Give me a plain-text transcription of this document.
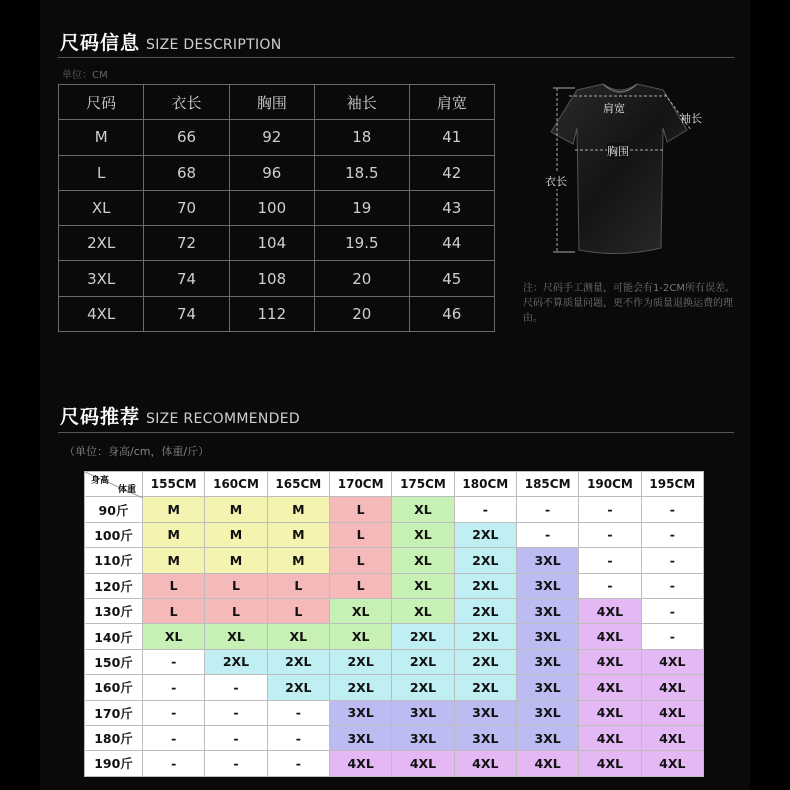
尺码信息 SIZE DESCRIPTION
单位：CM
尺码	衣长	胸围	袖长	肩宽
M	66	92	18	41
L	68	96	18.5	42
XL	70	100	19	43
2XL	72	104	19.5	44
3XL	74	108	20	45
4XL	74	112	20	46
肩宽
袖长
胸围
衣长
注：尺码手工测量，可能会有1-2CM所有误差。尺码不算质量问题，更不作为质量退换运费的理由。
尺码推荐 SIZE RECOMMENDED
（单位：身高/cm，体重/斤）
身高
体重	155CM	160CM	165CM	170CM	175CM	180CM	185CM	190CM	195CM
90斤	M	M	M	L	XL	-	-	-	-
100斤	M	M	M	L	XL	2XL	-	-	-
110斤	M	M	M	L	XL	2XL	3XL	-	-
120斤	L	L	L	L	XL	2XL	3XL	-	-
130斤	L	L	L	XL	XL	2XL	3XL	4XL	-
140斤	XL	XL	XL	XL	2XL	2XL	3XL	4XL	-
150斤	-	2XL	2XL	2XL	2XL	2XL	3XL	4XL	4XL
160斤	-	-	2XL	2XL	2XL	2XL	3XL	4XL	4XL
170斤	-	-	-	3XL	3XL	3XL	3XL	4XL	4XL
180斤	-	-	-	3XL	3XL	3XL	3XL	4XL	4XL
190斤	-	-	-	4XL	4XL	4XL	4XL	4XL	4XL
